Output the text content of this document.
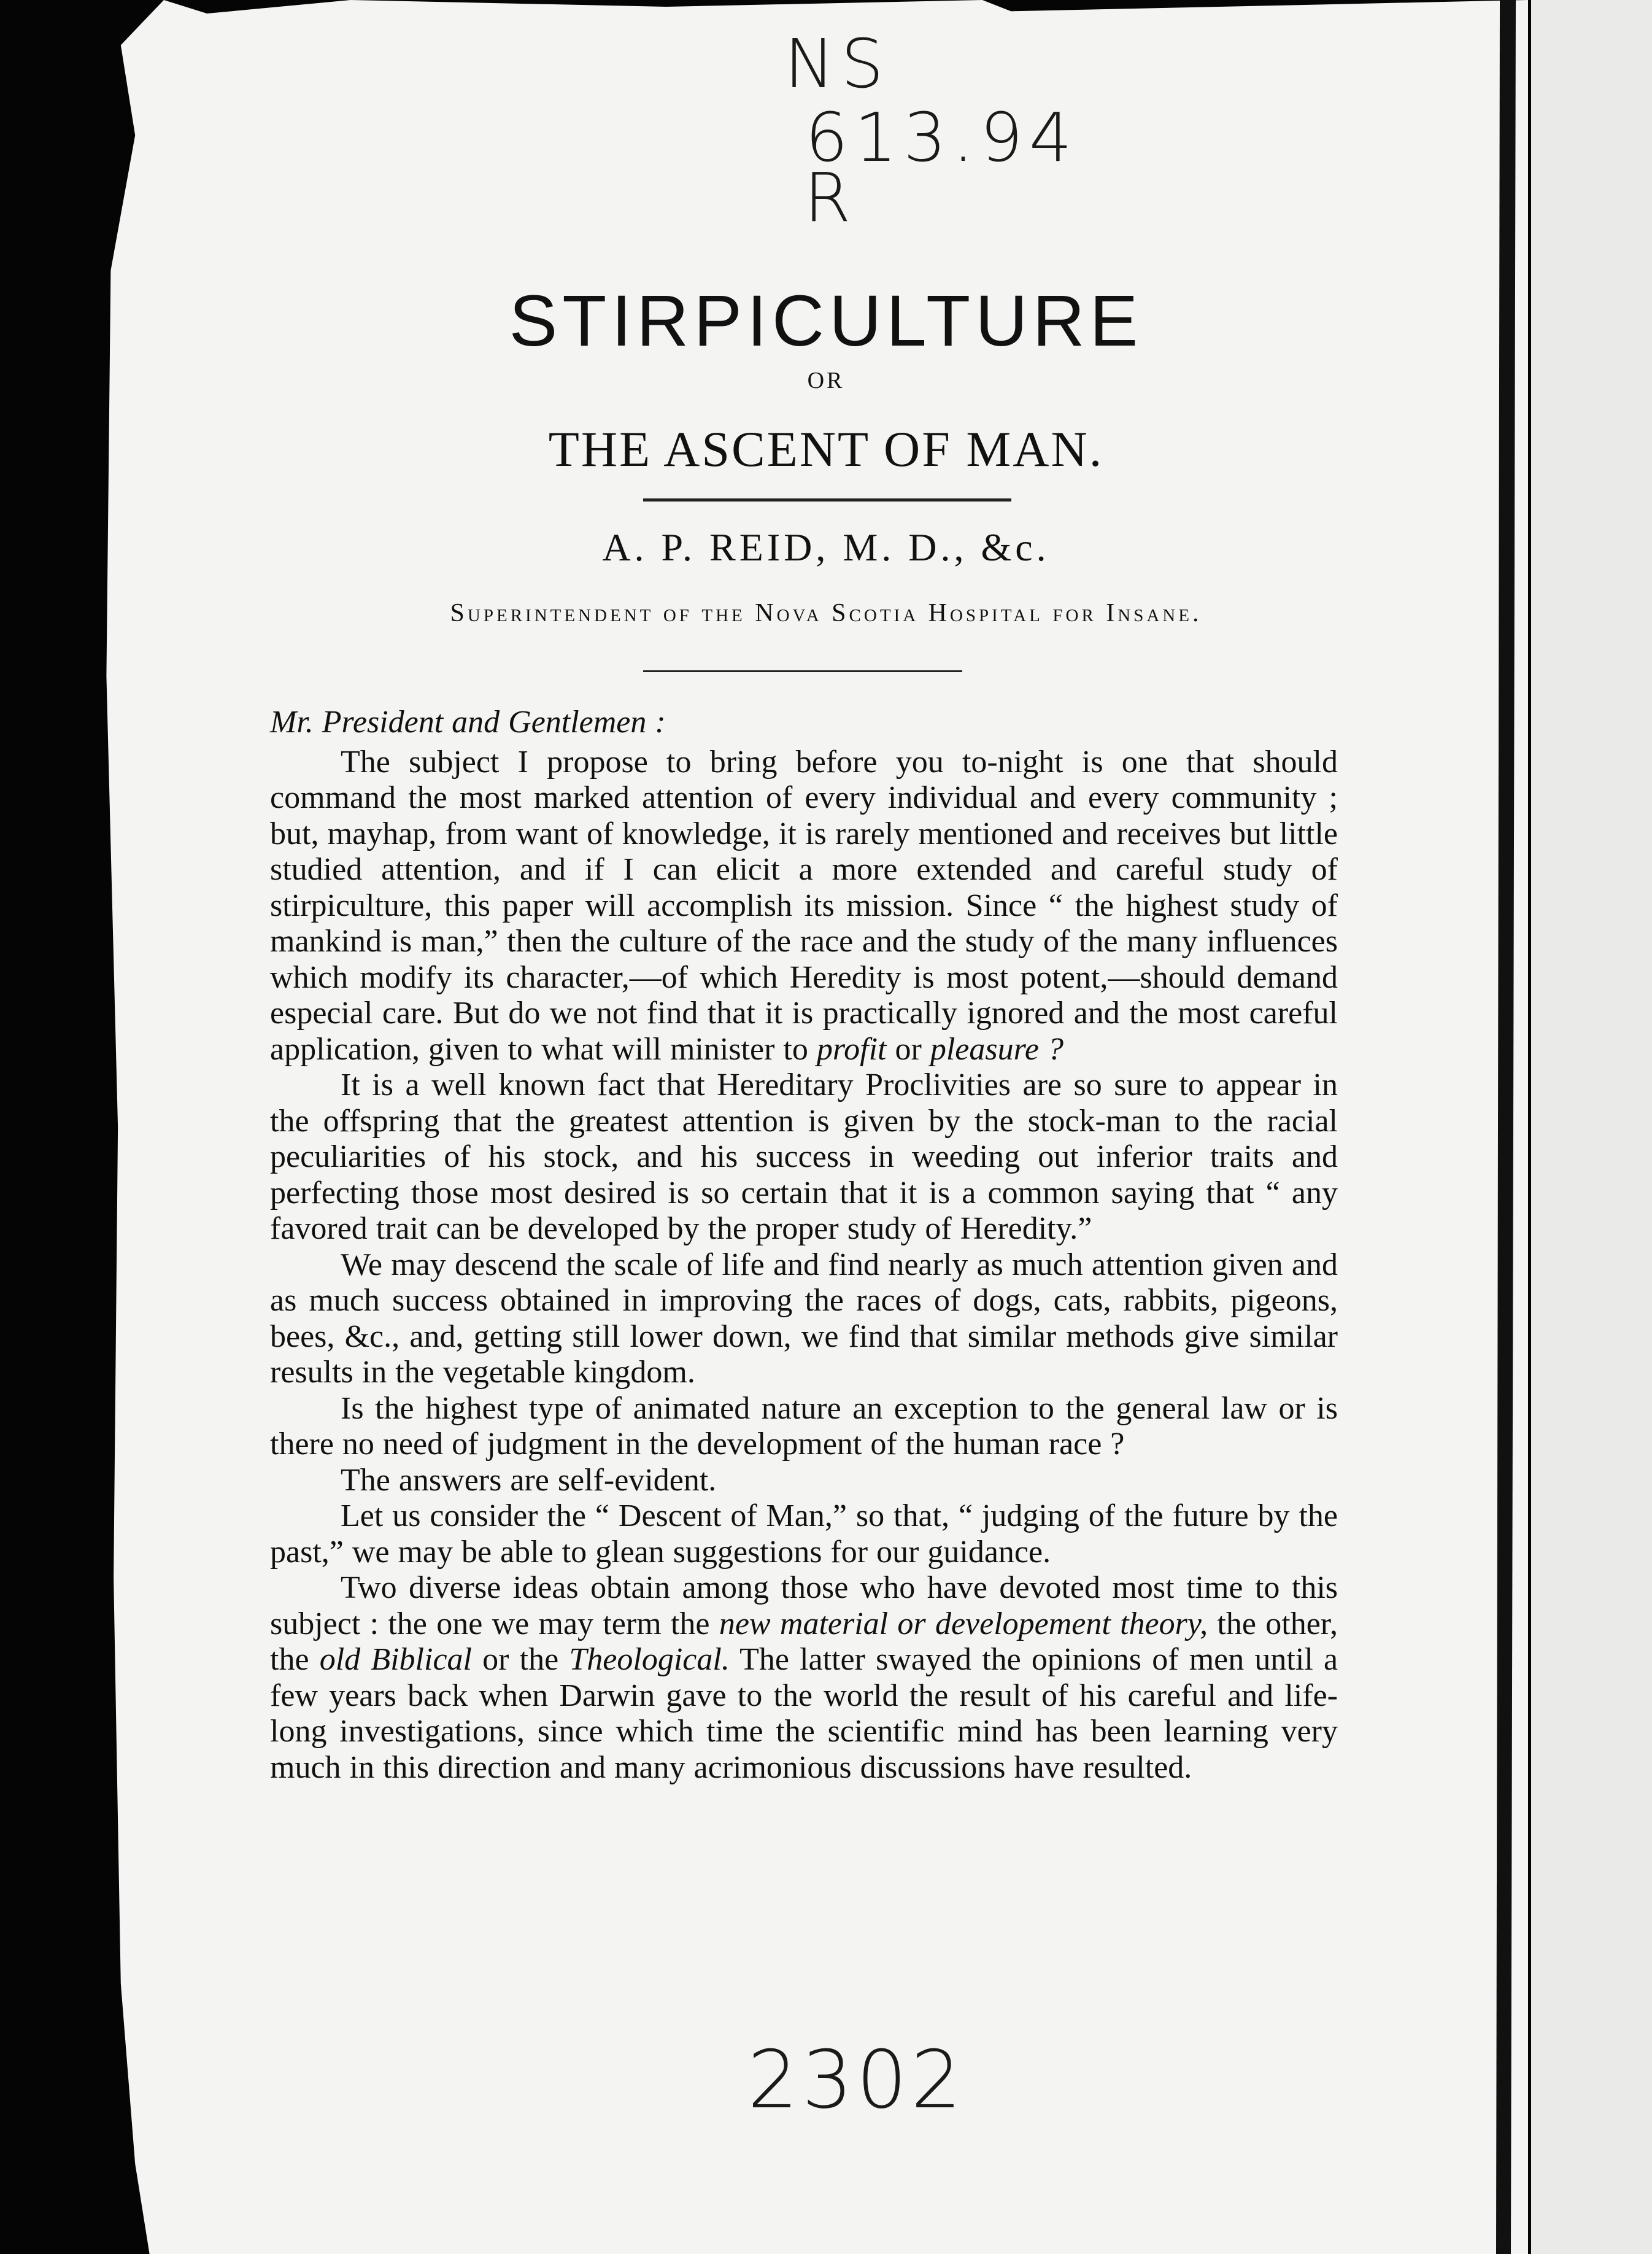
NS
613.94
R
STIRPICULTURE
OR
THE ASCENT OF MAN.
A. P. REID, M. D., &c.
Superintendent of the Nova Scotia Hospital for Insane.
Mr. President and Gentlemen :

The subject I propose to bring before you to-night is one that should command the most marked attention of every individual and every community ; but, mayhap, from want of knowledge, it is rarely mentioned and receives but little studied attention, and if I can elicit a more extended and careful study of stirpiculture, this paper will accomplish its mission. Since “ the highest study of mankind is man,” then the culture of the race and the study of the many influences which modify its character,—of which Heredity is most potent,—should demand especial care. But do we not find that it is practically ignored and the most careful application, given to what will minister to profit or pleasure ?

It is a well known fact that Hereditary Proclivities are so sure to appear in the offspring that the greatest attention is given by the stock-man to the racial peculiarities of his stock, and his success in weeding out inferior traits and perfecting those most desired is so certain that it is a common saying that “ any favored trait can be developed by the proper study of Heredity.”

We may descend the scale of life and find nearly as much attention given and as much success obtained in improving the races of dogs, cats, rabbits, pigeons, bees, &c., and, getting still lower down, we find that similar methods give similar results in the vegetable kingdom.

Is the highest type of animated nature an exception to the general law or is there no need of judgment in the development of the human race ?

The answers are self-evident.

Let us consider the “ Descent of Man,” so that, “ judging of the future by the past,” we may be able to glean suggestions for our guidance.

Two diverse ideas obtain among those who have devoted most time to this subject : the one we may term the new material or developement theory, the other, the old Biblical or the Theological. The latter swayed the opinions of men until a few years back when Darwin gave to the world the result of his careful and life-long investigations, since which time the scientific mind has been learning very much in this direction and many acrimonious discussions have resulted.

2302
